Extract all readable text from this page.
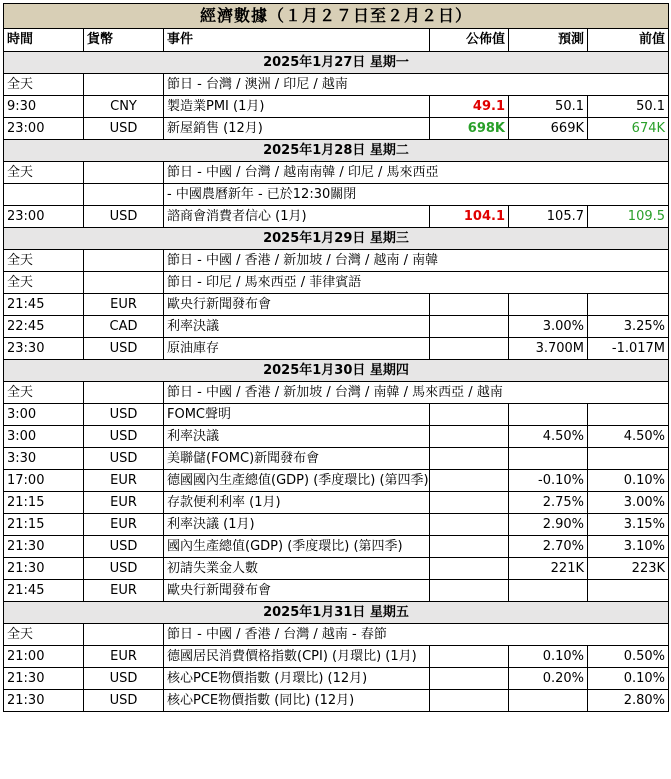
經濟數據（１月２７日至２月２日）					
時間	貨幣	事件	公佈值	預測	前值
2025年1月27日 星期一					
全天		節日 - 台灣 / 澳洲 / 印尼 / 越南			
9:30	CNY	製造業PMI (1月)	49.1	50.1	50.1
23:00	USD	新屋銷售 (12月)	698K	669K	674K
2025年1月28日 星期二					
全天		節日 - 中國 / 台灣 / 越南南韓 / 印尼 / 馬來西亞			
		- 中國農曆新年 - 已於12:30關閉			
23:00	USD	諮商會消費者信心 (1月)	104.1	105.7	109.5
2025年1月29日 星期三					
全天		節日 - 中國 / 香港 / 新加坡 / 台灣 / 越南 / 南韓			
全天		節日 - 印尼 / 馬來西亞 / 菲律賓語			
21:45	EUR	歐央行新聞發布會			
22:45	CAD	利率決議		3.00%	3.25%
23:30	USD	原油庫存		3.700M	-1.017M
2025年1月30日 星期四					
全天		節日 - 中國 / 香港 / 新加坡 / 台灣 / 南韓 / 馬來西亞 / 越南			
3:00	USD	FOMC聲明			
3:00	USD	利率決議		4.50%	4.50%
3:30	USD	美聯儲(FOMC)新聞發布會			
17:00	EUR	德國國內生產總值(GDP) (季度環比) (第四季)		-0.10%	0.10%
21:15	EUR	存款便利利率 (1月)		2.75%	3.00%
21:15	EUR	利率決議 (1月)		2.90%	3.15%
21:30	USD	國內生產總值(GDP) (季度環比) (第四季)		2.70%	3.10%
21:30	USD	初請失業金人數		221K	223K
21:45	EUR	歐央行新聞發布會			
2025年1月31日 星期五					
全天		節日 - 中國 / 香港 / 台灣 / 越南 - 春節			
21:00	EUR	德國居民消費價格指數(CPI) (月環比) (1月)		0.10%	0.50%
21:30	USD	核心PCE物價指數 (月環比) (12月)		0.20%	0.10%
21:30	USD	核心PCE物價指數 (同比) (12月)			2.80%
